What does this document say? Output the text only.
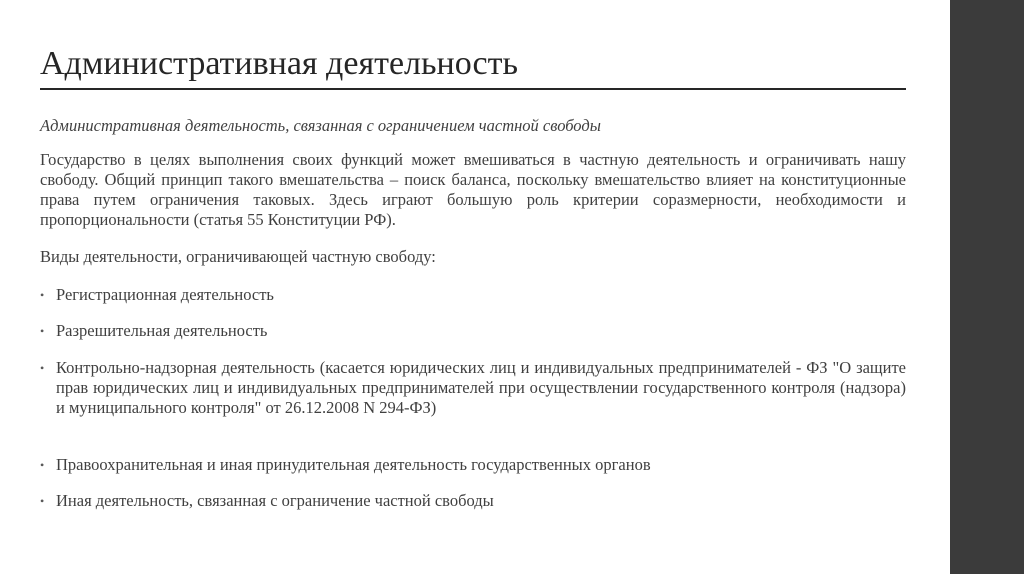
Административная деятельность

Административная деятельность, связанная с ограничением частной свободы

Государство в целях выполнения своих функций может вмешиваться в частную деятельность и ограничивать нашу свободу. Общий принцип такого вмешательства – поиск баланса, поскольку вмешательство влияет на конституционные права путем ограничения таковых. Здесь играют большую роль критерии соразмерности, необходимости и пропорциональности (статья 55 Конституции РФ).

Виды деятельности, ограничивающей частную свободу:

• Регистрационная деятельность
• Разрешительная деятельность
• Контрольно-надзорная деятельность (касается юридических лиц и индивидуальных предпринимателей - ФЗ "О защите прав юридических лиц и индивидуальных предпринимателей при осуществлении государственного контроля (надзора) и муниципального контроля" от 26.12.2008 N 294-ФЗ)
• Правоохранительная и иная принудительная деятельность государственных органов
• Иная деятельность, связанная с ограничение частной свободы
